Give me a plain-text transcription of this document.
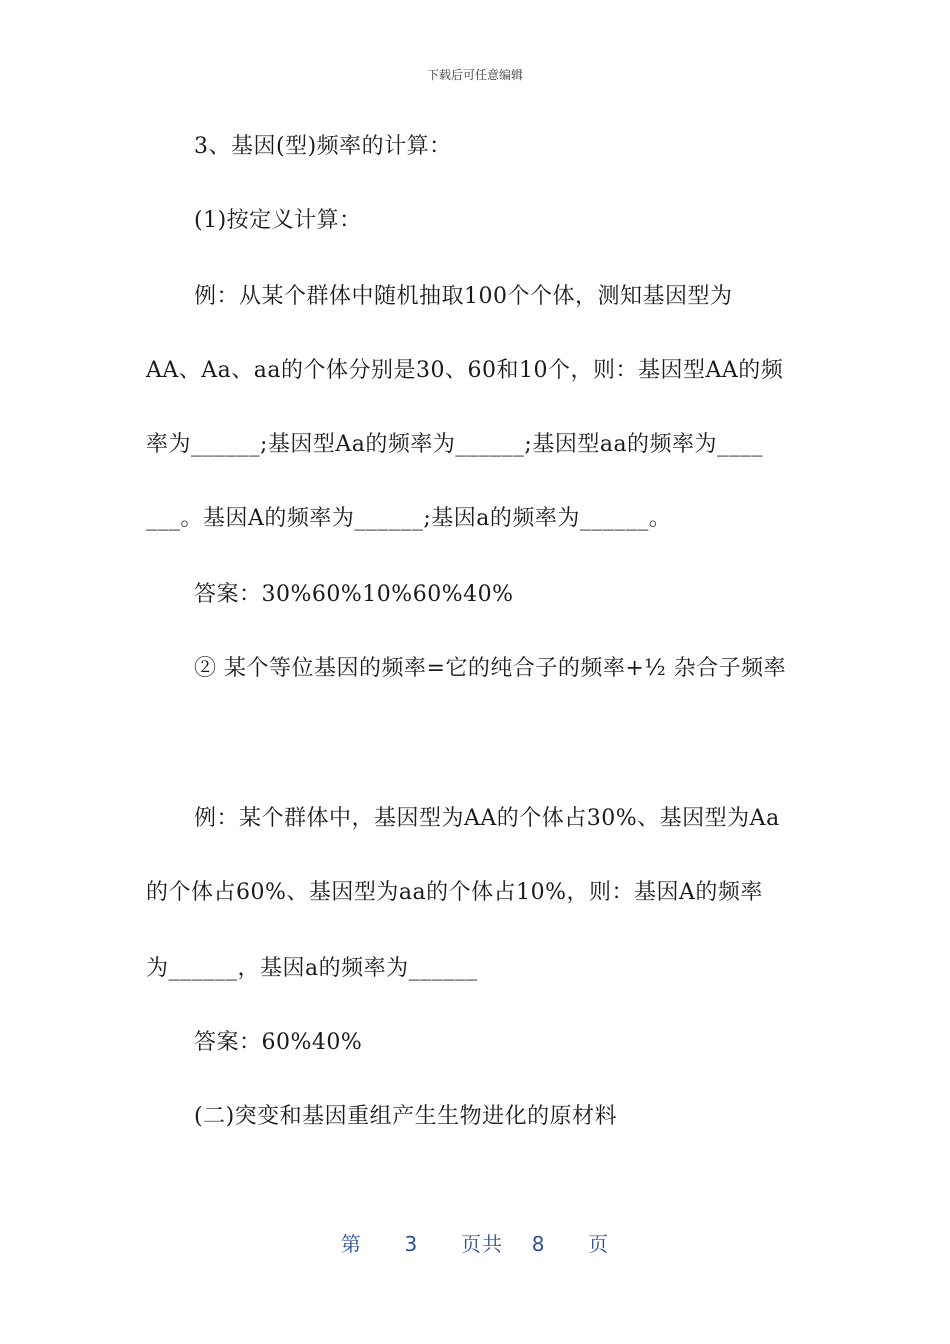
下载后可任意编辑
3、基因(型)频率的计算：
(1)按定义计算：
例：从某个群体中随机抽取100个个体，测知基因型为
AA、Aa、aa的个体分别是30、60和10个，则：基因型AA的频
率为______;基因型Aa的频率为______;基因型aa的频率为____
___。基因A的频率为______;基因a的频率为______。
答案：30%60%10%60%40%
② 某个等位基因的频率=它的纯合子的频率+½ 杂合子频率
例：某个群体中，基因型为AA的个体占30%、基因型为Aa
的个体占60%、基因型为aa的个体占10%，则：基因A的频率
为______，基因a的频率为______
答案：60%40%
(二)突变和基因重组产生生物进化的原材料
第 3 页共 8 页
